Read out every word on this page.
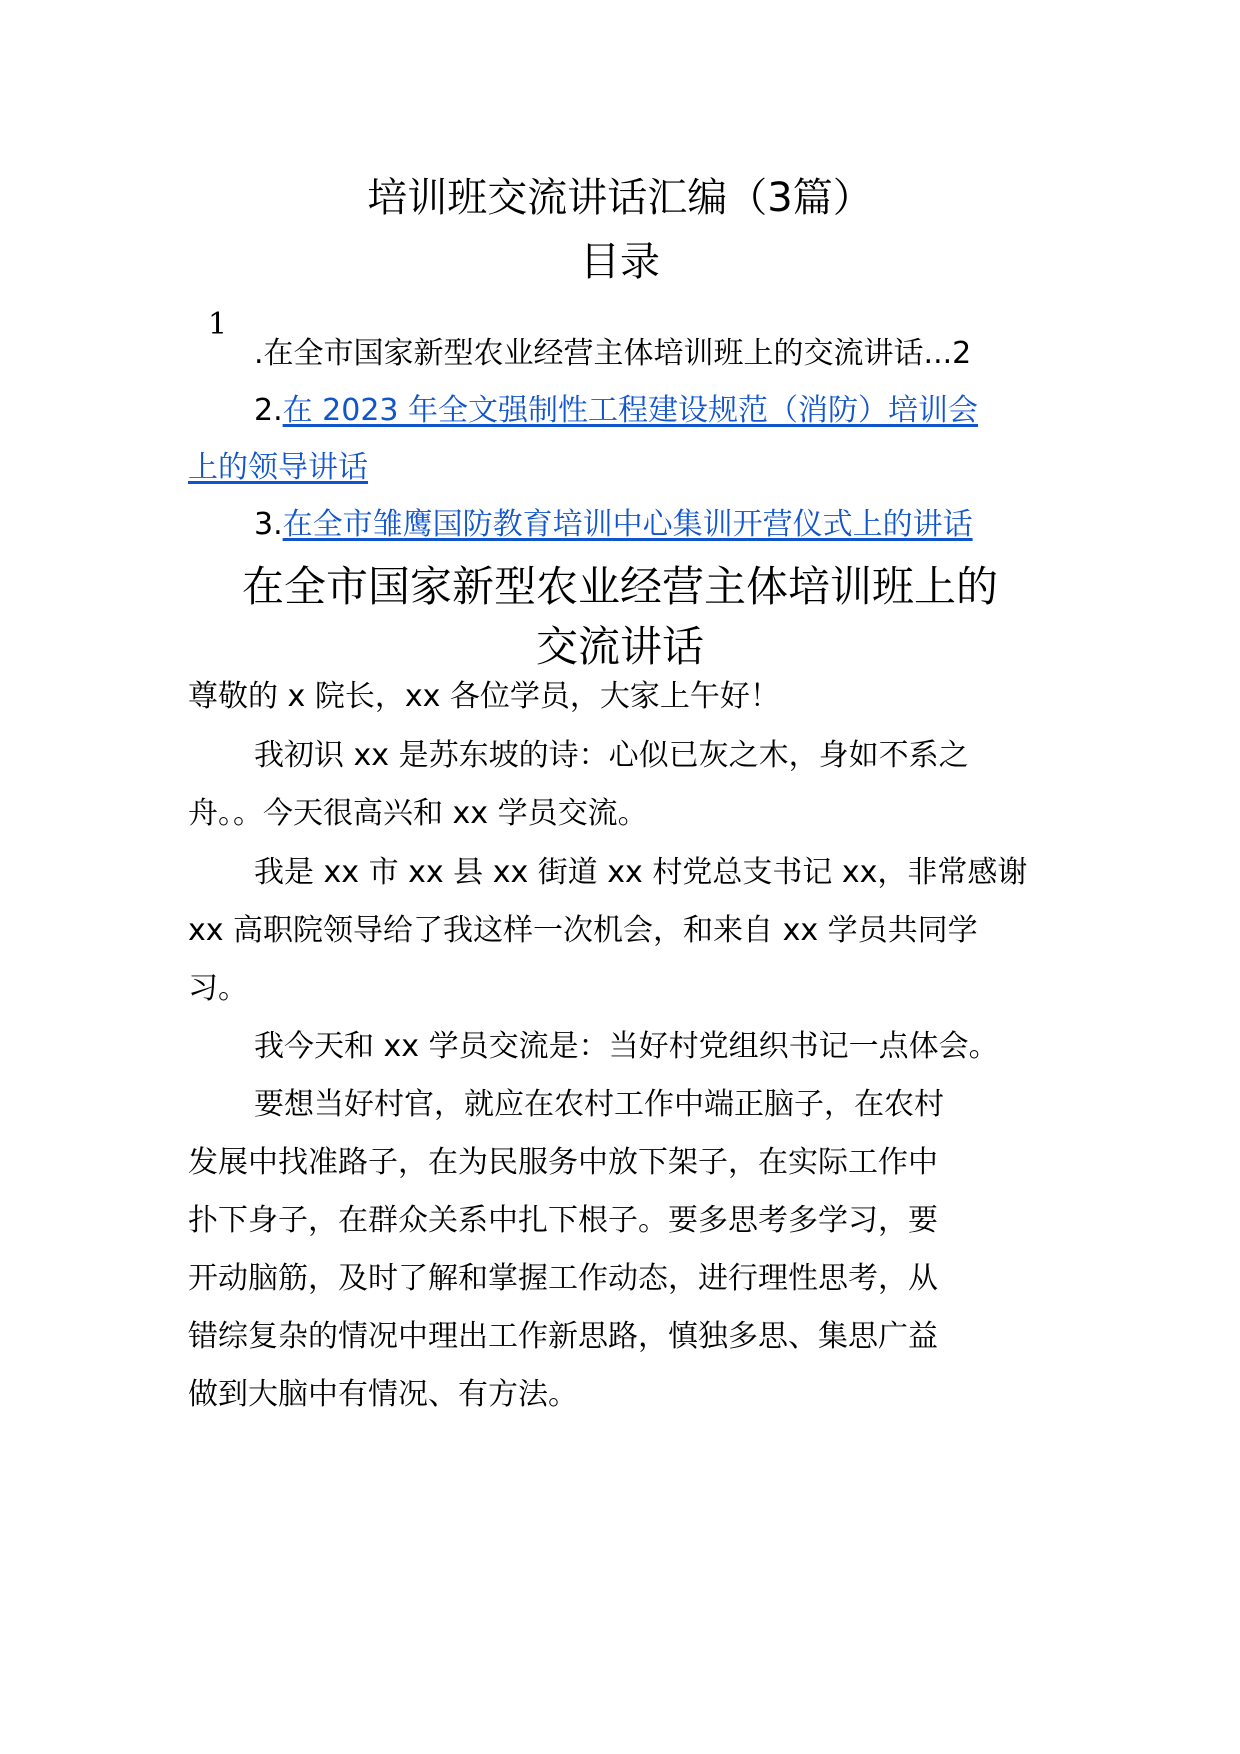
培训班交流讲话汇编（3篇）
目录
1
.在全市国家新型农业经营主体培训班上的交流讲话...2
2.在 2023 年全文强制性工程建设规范（消防）培训会
上的领导讲话
3.在全市雏鹰国防教育培训中心集训开营仪式上的讲话
在全市国家新型农业经营主体培训班上的
交流讲话
尊敬的 x 院长，xx 各位学员，大家上午好！
我初识 xx 是苏东坡的诗：心似已灰之木，身如不系之
舟。。今天很高兴和 xx 学员交流。
我是 xx 市 xx 县 xx 街道 xx 村党总支书记 xx，非常感谢
xx 高职院领导给了我这样一次机会，和来自 xx 学员共同学
习。
我今天和 xx 学员交流是：当好村党组织书记一点体会。
要想当好村官，就应在农村工作中端正脑子，在农村
发展中找准路子，在为民服务中放下架子，在实际工作中
扑下身子，在群众关系中扎下根子。要多思考多学习，要
开动脑筋，及时了解和掌握工作动态，进行理性思考，从
错综复杂的情况中理出工作新思路，慎独多思、集思广益
做到大脑中有情况、有方法。
